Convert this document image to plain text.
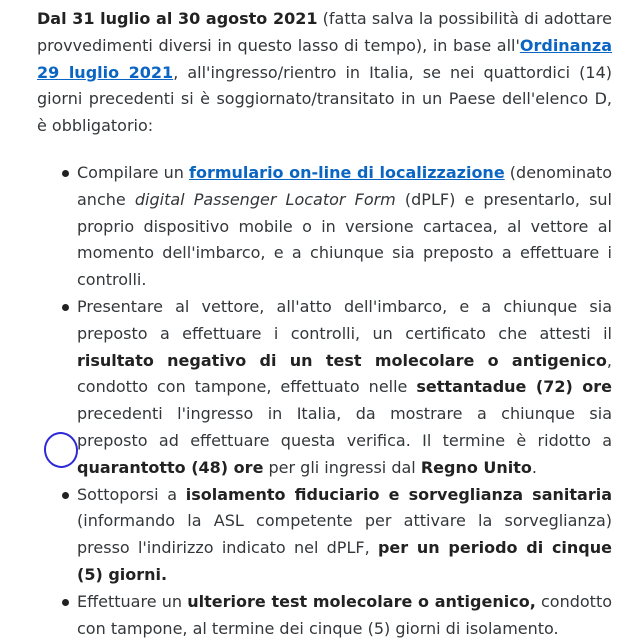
Dal 31 luglio al 30 agosto 2021 (fatta salva la possibilità di adottare provvedimenti diversi in questo lasso di tempo), in base all'Ordinanza 29 luglio 2021, all'ingresso/rientro in Italia, se nei quattordici (14) giorni precedenti si è soggiornato/transitato in un Paese dell'elenco D, è obbligatorio:

Compilare un formulario on-line di localizzazione (denominato anche digital Passenger Locator Form (dPLF) e presentarlo, sul proprio dispositivo mobile o in versione cartacea, al vettore al momento dell'imbarco, e a chiunque sia preposto a effettuare i controlli.
Presentare al vettore, all'atto dell'imbarco, e a chiunque sia preposto a effettuare i controlli, un certificato che attesti il risultato negativo di un test molecolare o antigenico, condotto con tampone, effettuato nelle settantadue (72) ore precedenti l'ingresso in Italia, da mostrare a chiunque sia preposto ad effettuare questa verifica. Il termine è ridotto a quarantotto (48) ore per gli ingressi dal Regno Unito.
Sottoporsi a isolamento fiduciario e sorveglianza sanitaria (informando la ASL competente per attivare la sorveglianza) presso l'indirizzo indicato nel dPLF, per un periodo di cinque (5) giorni.
Effettuare un ulteriore test molecolare o antigenico, condotto con tampone, al termine dei cinque (5) giorni di isolamento.
